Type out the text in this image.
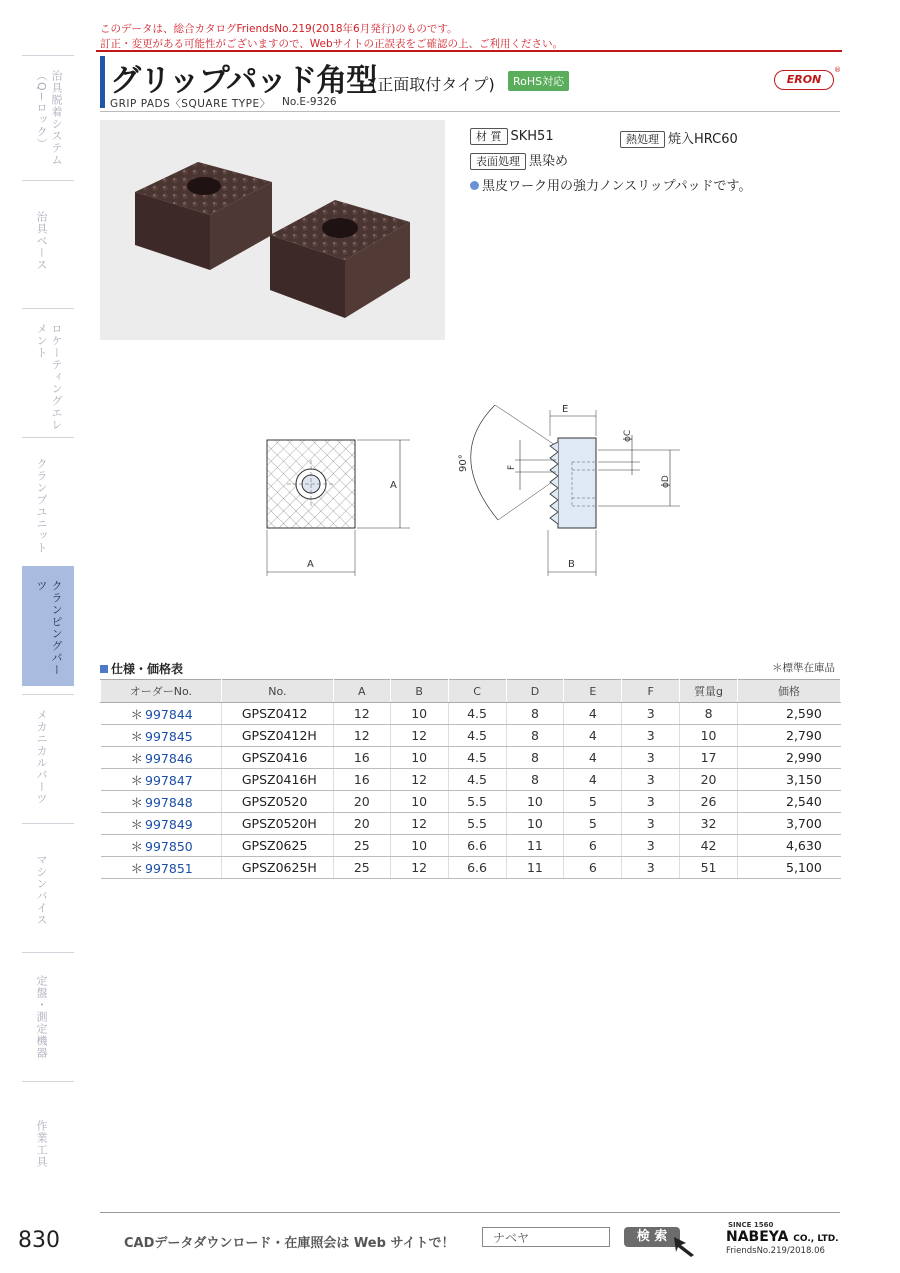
このデータは、総合カタログFriendsNo.219(2018年6月発行)のものです。
訂正・変更がある可能性がございますので、Webサイトの正誤表をご確認の上、ご利用ください。
治具脱着システム（Q−ロック）
治具ベース
ロケーティングエレメント
クランプユニット
クランピングパーツ
メカニカルパーツ
マシンバイス
定盤・測定機器
作業工具
グリップパッド角型
(正面取付タイプ)	RoHS対応	ERON
®
GRIP PADS〈SQUARE TYPE〉 No.E-9326
材 質 SKH51	熱処理 焼入HRC60
表面処理 黒染め
黒皮ワーク用の強力ノンスリップパッドです。
A
A
90°
E
F
ϕC
ϕD
B
仕様・価格表	＊標準在庫品
オーダーNo.	No.	A	B	C	D	E	F	質量g	価格
＊ 997844	GPSZ0412	12	10	4.5	8	4	3	8	2,590
＊ 997845	GPSZ0412H	12	12	4.5	8	4	3	10	2,790
＊ 997846	GPSZ0416	16	10	4.5	8	4	3	17	2,990
＊ 997847	GPSZ0416H	16	12	4.5	8	4	3	20	3,150
＊ 997848	GPSZ0520	20	10	5.5	10	5	3	26	2,540
＊ 997849	GPSZ0520H	20	12	5.5	10	5	3	32	3,700
＊ 997850	GPSZ0625	25	10	6.6	11	6	3	42	4,630
＊ 997851	GPSZ0625H	25	12	6.6	11	6	3	51	5,100
830	CADデータダウンロード・在庫照会は Web サイトで！	ナベヤ	検 索
SINCE 1560
NABEYA CO., LTD.
FriendsNo.219/2018.06
